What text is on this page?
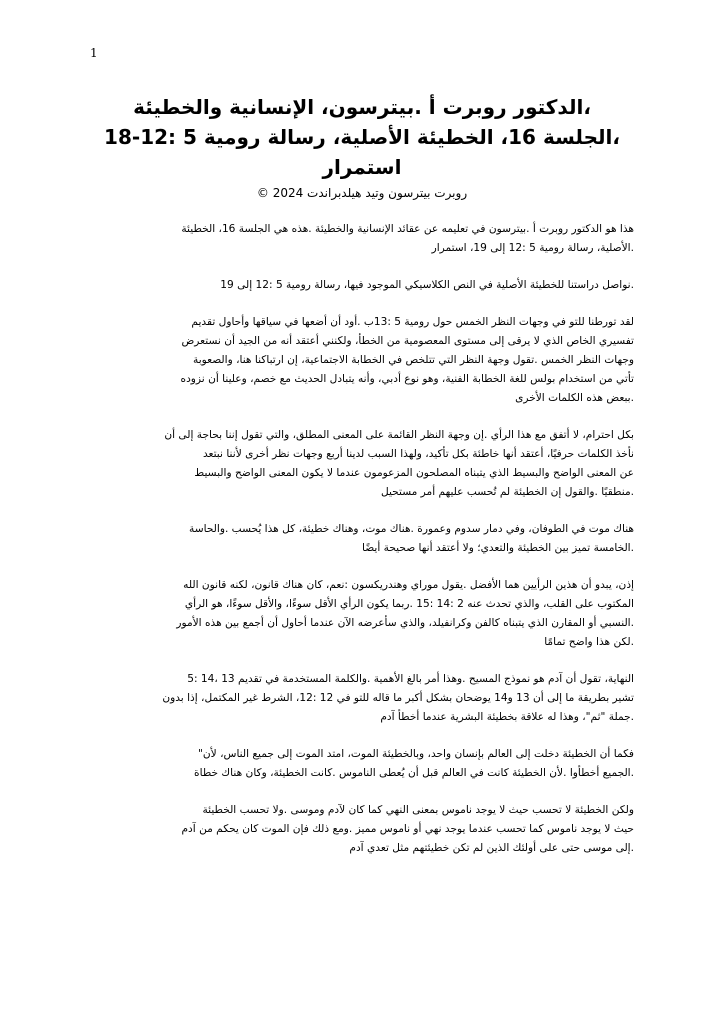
1
،الدكتور روبرت أ .بيترسون، الإنسانية والخطيئة
،الجلسة 16، الخطيئة الأصلية، رسالة رومية 5 :12-18
استمرار
روبرت بيترسون وتيد هيلدبراندت 2024 ©

هذا هو الدكتور روبرت أ .بيترسون في تعليمه عن عقائد الإنسانية والخطيئة .هذه هي الجلسة 16، الخطيئة
.الأصلية، رسالة رومية 5 :12 إلى 19، استمرار

.نواصل دراستنا للخطيئة الأصلية في النص الكلاسيكي الموجود فيها، رسالة رومية 5 :12 إلى 19

لقد تورطنا للتو في وجهات النظر الخمس حول رومية 5 :13ب .أود أن أضعها في سياقها وأحاول تقديم
تفسيري الخاص الذي لا يرقى إلى مستوى المعصومية من الخطأ، ولكنني أعتقد أنه من الجيد أن نستعرض
وجهات النظر الخمس .تقول وجهة النظر التي تتلخص في الخطابة الاجتماعية، إن ارتباكنا هنا، والصعوبة
تأتي من استخدام بولس للغة الخطابة الفنية، وهو نوع أدبي، وأنه يتبادل الحديث مع خصم، وعلينا أن نزوده
.ببعض هذه الكلمات الأخرى

بكل احترام، لا أتفق مع هذا الرأي .إن وجهة النظر القائمة على المعنى المطلق، والتي تقول إننا بحاجة إلى أن
نأخذ الكلمات حرفيًا، أعتقد أنها خاطئة بكل تأكيد، ولهذا السبب لدينا أربع وجهات نظر أخرى لأننا نبتعد
عن المعنى الواضح والبسيط الذي يتبناه المصلحون المزعومون عندما لا يكون المعنى الواضح والبسيط
.منطقيًا .والقول إن الخطيئة لم تُحسب عليهم أمر مستحيل

هناك موت في الطوفان، وفي دمار سدوم وعمورة .هناك موت، وهناك خطيئة، كل هذا يُحسب .والحاسة
.الخامسة تميز بين الخطيئة والتعدي؛ ولا أعتقد أنها صحيحة أيضًا

إذن، يبدو أن هذين الرأيين هما الأفضل .يقول موراي وهندريكسون :نعم، كان هناك قانون، لكنه قانون الله
المكتوب على القلب، والذي تحدث عنه 2 :14 :15 .ربما يكون الرأي الأقل سوءًا، والأقل سوءًا، هو الرأي
.النسبي أو المقارن الذي يتبناه كالفن وكرانفيلد، والذي سأعرضه الآن عندما أحاول أن أجمع بين هذه الأمور
.لكن هذا واضح تمامًا

النهاية، تقول أن آدم هو نموذج المسيح .وهذا أمر بالغ الأهمية .والكلمة المستخدمة في تقديم 13 ،14 :5
تشير بطريقة ما إلى أن 13 و14 يوضحان بشكل أكبر ما قاله للتو في 12 :12، الشرط غير المكتمل، إذا بدون
.جملة "ثم"، وهذا له علاقة بخطيئة البشرية عندما أخطأ آدم

فكما أن الخطيئة دخلت إلى العالم بإنسان واحد، وبالخطيئة الموت، امتد الموت إلى جميع الناس، لأن"
.الجميع أخطأوا .لأن الخطيئة كانت في العالم قبل أن يُعطى الناموس .كانت الخطيئة، وكان هناك خطاة

ولكن الخطيئة لا تحسب حيث لا يوجد ناموس بمعنى النهي كما كان لآدم وموسى .ولا تحسب الخطيئة
حيث لا يوجد ناموس كما تحسب عندما يوجد نهي أو ناموس مميز .ومع ذلك فإن الموت كان يحكم من آدم
.إلى موسى حتى على أولئك الذين لم تكن خطيئتهم مثل تعدي آدم
